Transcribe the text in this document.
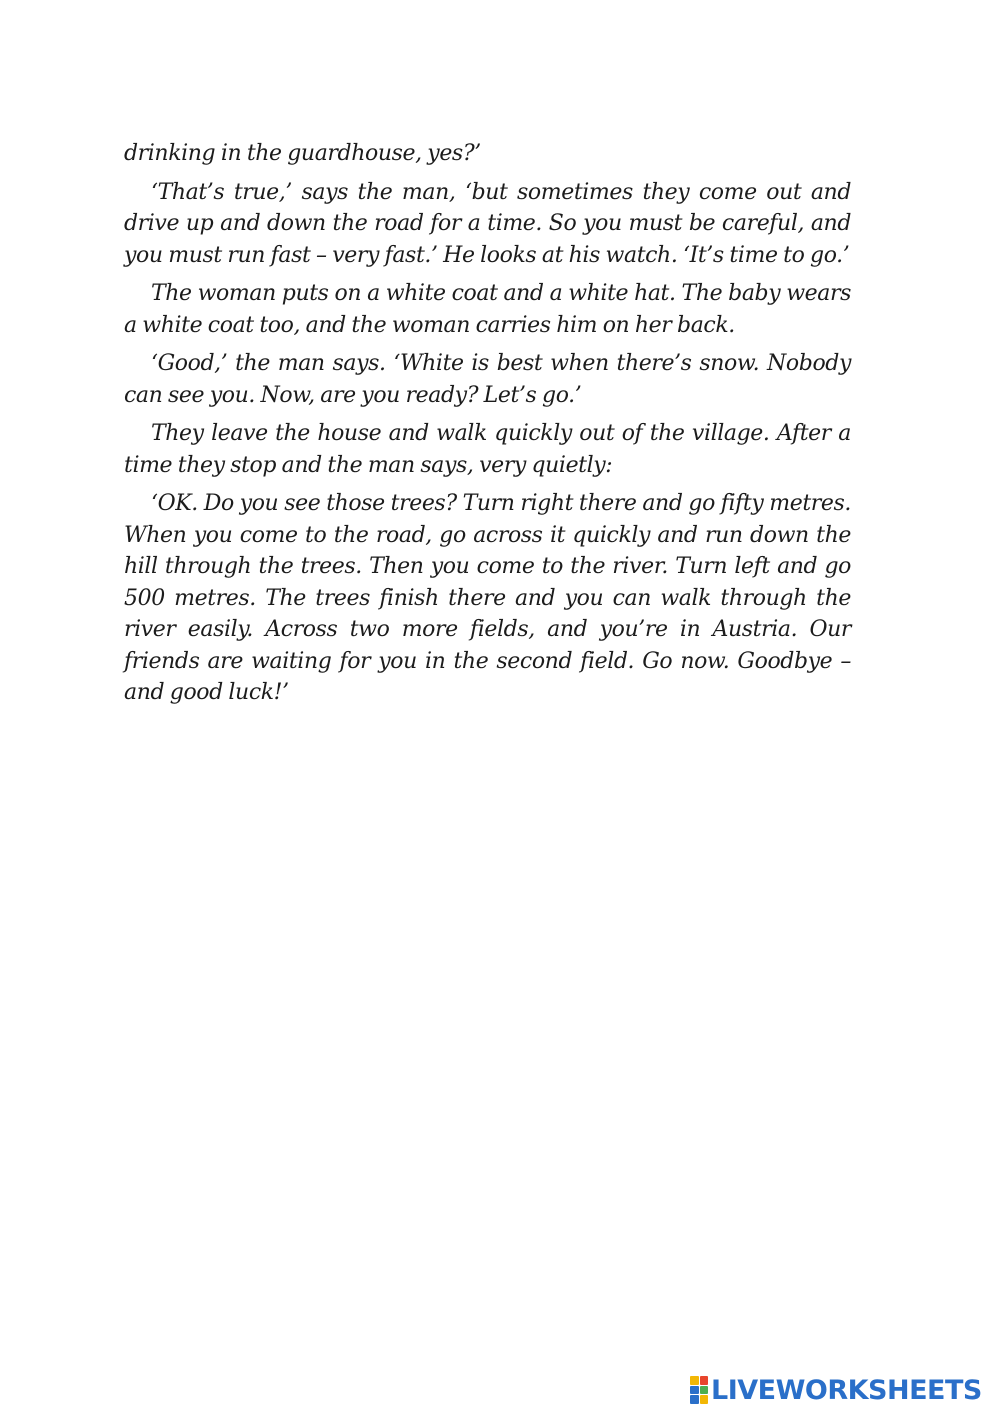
drinking in the guardhouse, yes?’

‘That’s true,’ says the man, ‘but sometimes they come out and drive up and down the road for a time. So you must be careful, and you must run fast – very fast.’ He looks at his watch. ‘It’s time to go.’

The woman puts on a white coat and a white hat. The baby wears a white coat too, and the woman carries him on her back.

‘Good,’ the man says. ‘White is best when there’s snow. Nobody can see you. Now, are you ready? Let’s go.’

They leave the house and walk quickly out of the village. After a time they stop and the man says, very quietly:

‘OK. Do you see those trees? Turn right there and go fifty metres. When you come to the road, go across it quickly and run down the hill through the trees. Then you come to the river. Turn left and go 500 metres. The trees finish there and you can walk through the river easily. Across two more fields, and you’re in Austria. Our friends are waiting for you in the second field. Go now. Goodbye – and good luck!’

LIVEWORKSHEETS
